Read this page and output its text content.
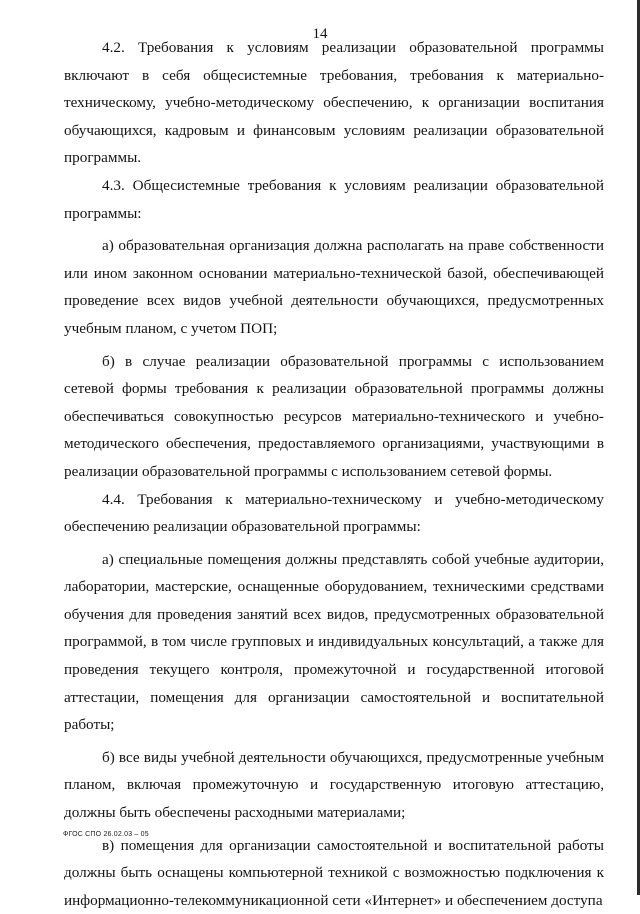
14

4.2. Требования к условиям реализации образовательной программы включают в себя общесистемные требования, требования к материально-техническому, учебно-методическому обеспечению, к организации воспитания обучающихся, кадровым и финансовым условиям реализации образовательной программы.

4.3. Общесистемные требования к условиям реализации образовательной программы:

а) образовательная организация должна располагать на праве собственности или ином законном основании материально-технической базой, обеспечивающей проведение всех видов учебной деятельности обучающихся, предусмотренных учебным планом, с учетом ПОП;

б) в случае реализации образовательной программы с использованием сетевой формы требования к реализации образовательной программы должны обеспечиваться совокупностью ресурсов материально-технического и учебно-методического обеспечения, предоставляемого организациями, участвующими в реализации образовательной программы с использованием сетевой формы.

4.4. Требования к материально-техническому и учебно-методическому обеспечению реализации образовательной программы:

а) специальные помещения должны представлять собой учебные аудитории, лаборатории, мастерские, оснащенные оборудованием, техническими средствами обучения для проведения занятий всех видов, предусмотренных образовательной программой, в том числе групповых и индивидуальных консультаций, а также для проведения текущего контроля, промежуточной и государственной итоговой аттестации, помещения для организации самостоятельной и воспитательной работы;

б) все виды учебной деятельности обучающихся, предусмотренные учебным планом, включая промежуточную и государственную итоговую аттестацию, должны быть обеспечены расходными материалами;

в) помещения для организации самостоятельной и воспитательной работы должны быть оснащены компьютерной техникой с возможностью подключения к информационно-телекоммуникационной сети «Интернет» и обеспечением доступа

ФГОС СПО 26.02.03 – 05
